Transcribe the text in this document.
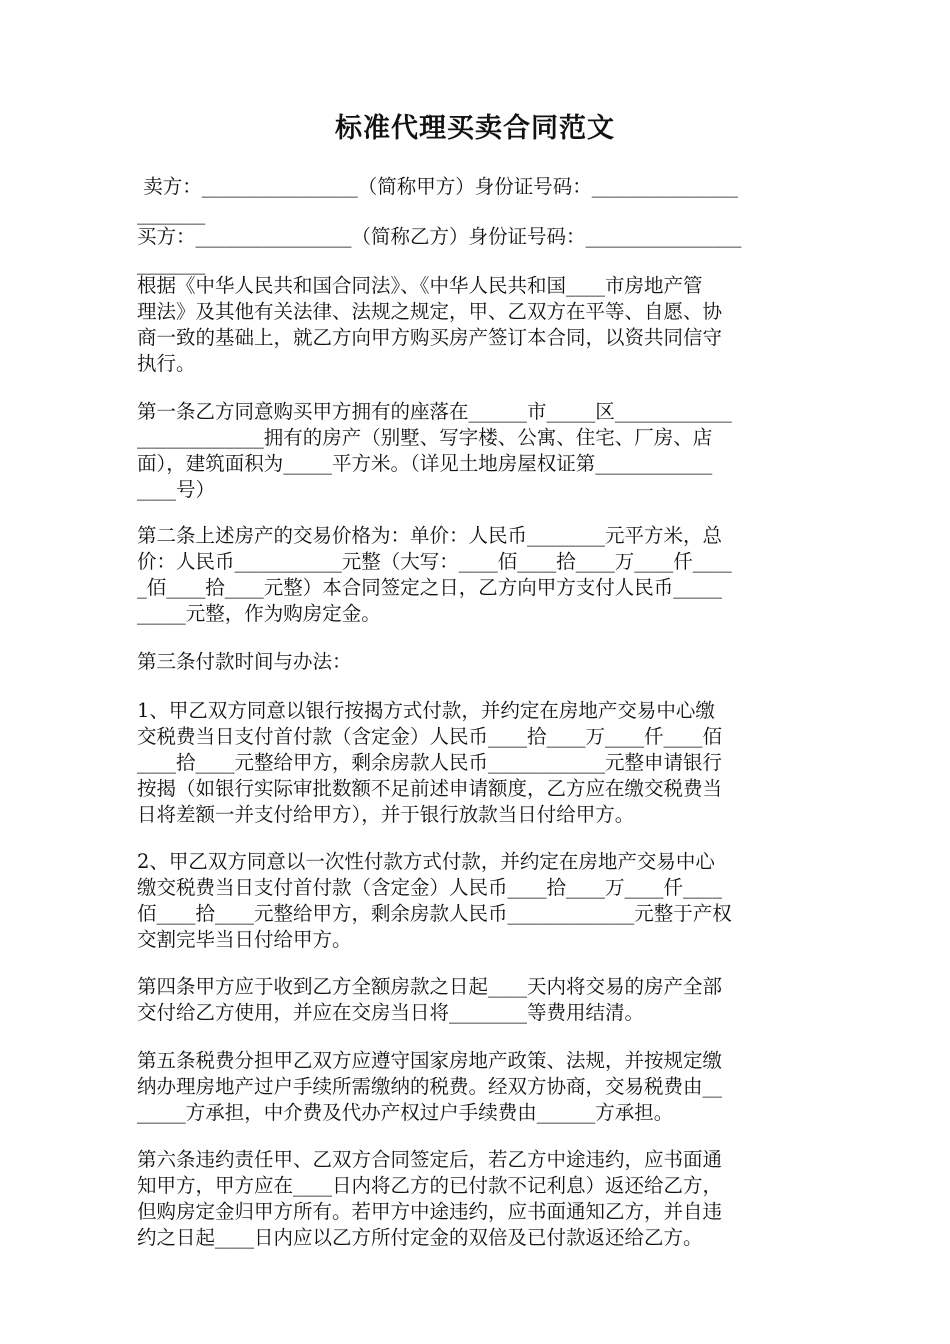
标准代理买卖合同范文
卖方：________________（简称甲方）身份证号码：_______________
_______
买方：________________（简称乙方）身份证号码：________________
_______
根据《中华人民共和国合同法》、《中华人民共和国____市房地产管
理法》及其他有关法律、法规之规定，甲、乙双方在平等、自愿、协
商一致的基础上，就乙方向甲方购买房产签订本合同，以资共同信守
执行。
第一条乙方同意购买甲方拥有的座落在______市_____区____________
_____________拥有的房产（别墅、写字楼、公寓、住宅、厂房、店
面），建筑面积为_____平方米。（详见土地房屋权证第____________
____号）
第二条上述房产的交易价格为：单价：人民币________元平方米，总
价：人民币___________元整（大写：____佰____拾____万____仟____
_佰____拾____元整）本合同签定之日，乙方向甲方支付人民币_____
_____元整，作为购房定金。
第三条付款时间与办法：
1、甲乙双方同意以银行按揭方式付款，并约定在房地产交易中心缴
交税费当日支付首付款（含定金）人民币____拾____万____仟____佰
____拾____元整给甲方，剩余房款人民币____________元整申请银行
按揭（如银行实际审批数额不足前述申请额度，乙方应在缴交税费当
日将差额一并支付给甲方），并于银行放款当日付给甲方。
2、甲乙双方同意以一次性付款方式付款，并约定在房地产交易中心
缴交税费当日支付首付款（含定金）人民币____拾____万____仟____
佰____拾____元整给甲方，剩余房款人民币_____________元整于产权
交割完毕当日付给甲方。
第四条甲方应于收到乙方全额房款之日起____天内将交易的房产全部
交付给乙方使用，并应在交房当日将________等费用结清。
第五条税费分担甲乙双方应遵守国家房地产政策、法规，并按规定缴
纳办理房地产过户手续所需缴纳的税费。经双方协商，交易税费由__
_____方承担，中介费及代办产权过户手续费由______方承担。
第六条违约责任甲、乙双方合同签定后，若乙方中途违约，应书面通
知甲方，甲方应在____日内将乙方的已付款不记利息）返还给乙方，
但购房定金归甲方所有。若甲方中途违约，应书面通知乙方，并自违
约之日起____日内应以乙方所付定金的双倍及已付款返还给乙方。
